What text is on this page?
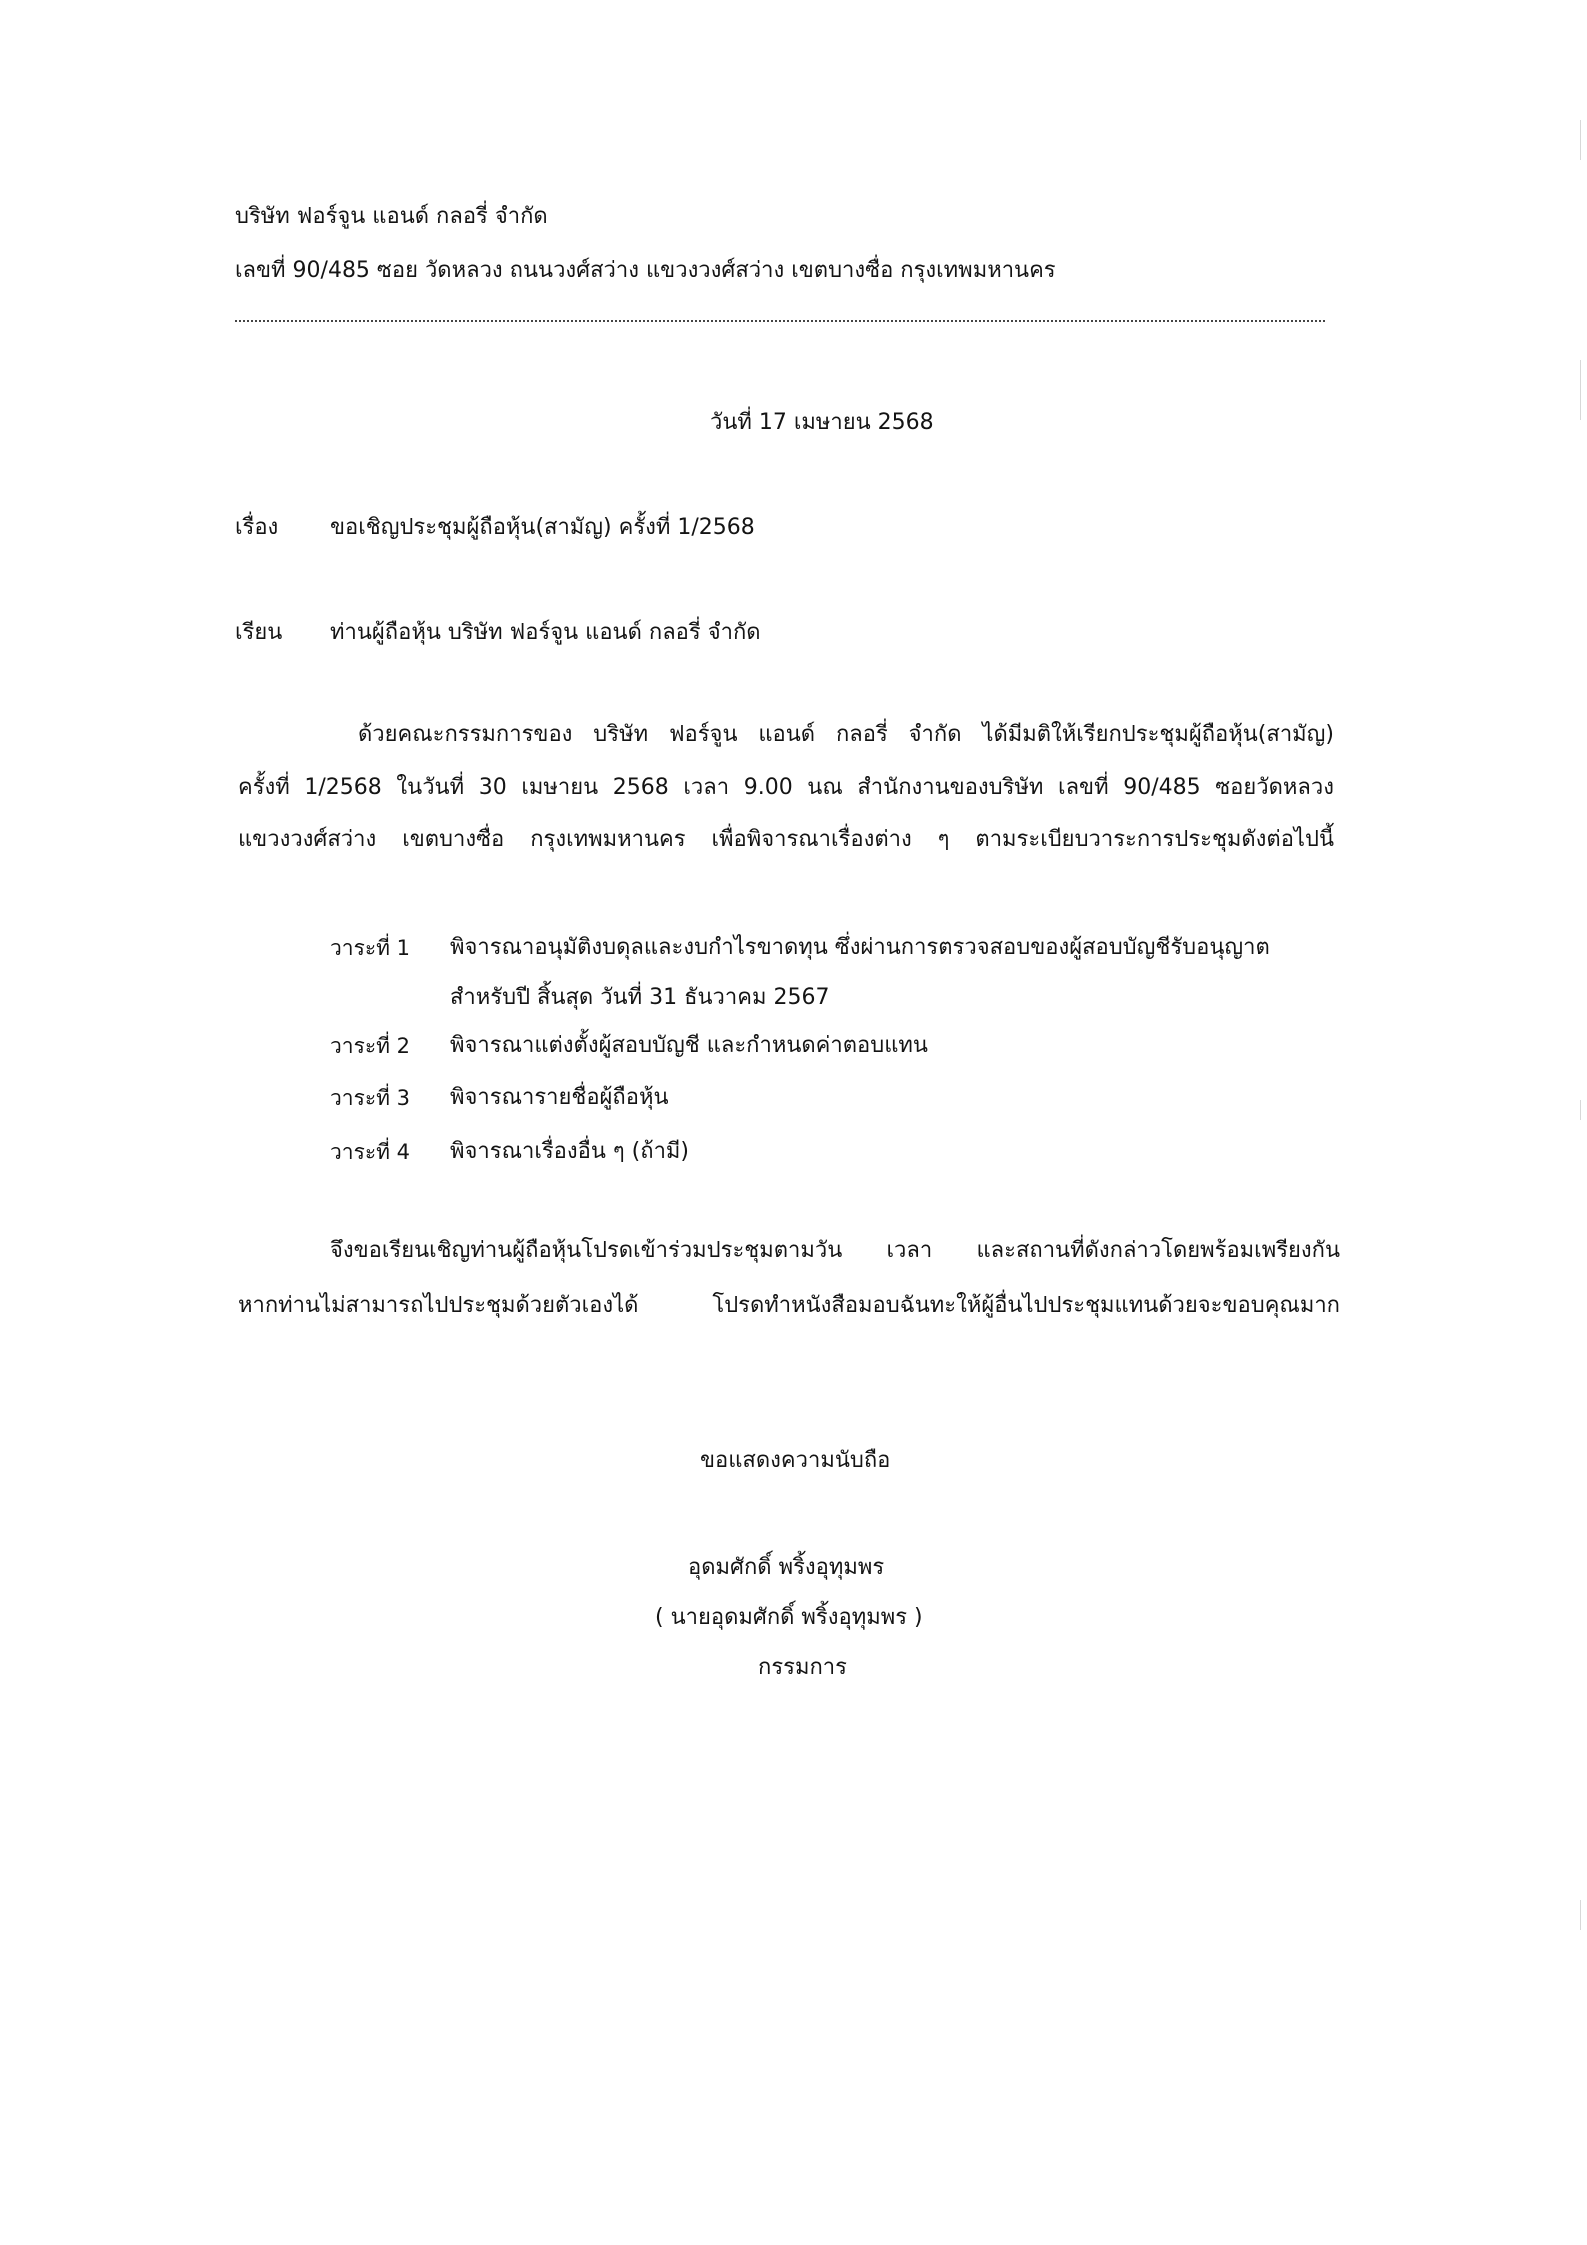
บริษัท ฟอร์จูน แอนด์ กลอรี่ จำกัด
เลขที่ 90/485 ซอย วัดหลวง ถนนวงศ์สว่าง แขวงวงศ์สว่าง เขตบางซื่อ กรุงเทพมหานคร
วันที่ 17 เมษายน 2568
เรื่อง ขอเชิญประชุมผู้ถือหุ้น(สามัญ) ครั้งที่ 1/2568
เรียน ท่านผู้ถือหุ้น บริษัท ฟอร์จูน แอนด์ กลอรี่ จำกัด
ด้วยคณะกรรมการของ บริษัท ฟอร์จูน แอนด์ กลอรี่ จำกัด ได้มีมติให้เรียกประชุมผู้ถือหุ้น(สามัญ)
ครั้งที่ 1/2568 ในวันที่ 30 เมษายน 2568 เวลา 9.00 นณ สำนักงานของบริษัท เลขที่ 90/485 ซอยวัดหลวง
แขวงวงศ์สว่าง เขตบางซื่อ กรุงเทพมหานคร เพื่อพิจารณาเรื่องต่าง ๆ ตามระเบียบวาระการประชุมดังต่อไปนี้
วาระที่ 1 พิจารณาอนุมัติงบดุลและงบกำไรขาดทุน ซึ่งผ่านการตรวจสอบของผู้สอบบัญชีรับอนุญาต
สำหรับปี สิ้นสุด วันที่ 31 ธันวาคม 2567
วาระที่ 2 พิจารณาแต่งตั้งผู้สอบบัญชี และกำหนดค่าตอบแทน
วาระที่ 3 พิจารณารายชื่อผู้ถือหุ้น
วาระที่ 4 พิจารณาเรื่องอื่น ๆ (ถ้ามี)
จึงขอเรียนเชิญท่านผู้ถือหุ้นโปรดเข้าร่วมประชุมตามวัน เวลา และสถานที่ดังกล่าวโดยพร้อมเพรียงกัน
หากท่านไม่สามารถไปประชุมด้วยตัวเองได้ โปรดทำหนังสือมอบฉันทะให้ผู้อื่นไปประชุมแทนด้วยจะขอบคุณมาก
ขอแสดงความนับถือ
อุดมศักดิ์ พริ้งอุทุมพร
( นายอุดมศักดิ์ พริ้งอุทุมพร )
กรรมการ
